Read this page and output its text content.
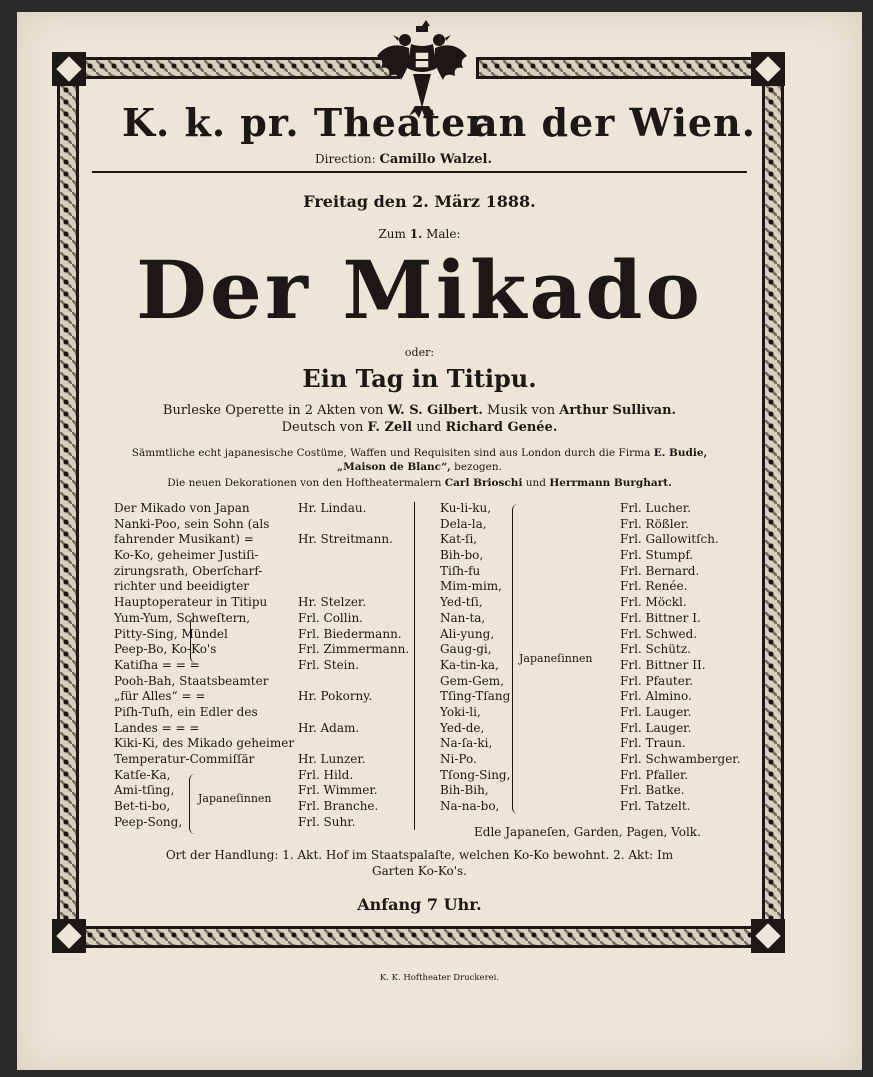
K. k. pr. Theater
an der Wien.
Direction: Camillo Walzel.
Freitag den 2. März 1888.
Zum 1. Male:
Der Mikado
oder:
Ein Tag in Titipu.
Burleske Operette in 2 Akten von W. S. Gilbert. Musik von Arthur Sullivan.
Deutsch von F. Zell und Richard Genée.
Sämmtliche echt japanesische Costüme, Waffen und Requisiten sind aus London durch die Firma E. Budie,
„Maison de Blanc“, bezogen.
Die neuen Dekorationen von den Hoftheatermalern Carl Brioschi und Herrmann Burghart.
Der Mikado von Japan	Hr. Lindau.
Nanki-Poo, sein Sohn (als
fahrender Musikant) =	Hr. Streitmann.
Ko-Ko, geheimer Justiſi-
zirungsrath, Oberſcharf-
richter und beeidigter
Hauptoperateur in Titipu	Hr. Stelzer.
Yum-Yum, Schweſtern,	Frl. Collin.
Pitty-Sing, Mündel	Frl. Biedermann.
Peep-Bo, Ko-Ko's	Frl. Zimmermann.
Katiſha = = =	Frl. Stein.
Pooh-Bah, Staatsbeamter
„für Alles“ = =	Hr. Pokorny.
Piſh-Tuſh, ein Edler des
Landes = = =	Hr. Adam.
Kiki-Ki, des Mikado geheimer
Temperatur-Commiſſär	Hr. Lunzer.
Katſe-Ka,	Frl. Hild.
Ami-tſing,	Frl. Wimmer.
Bet-ti-bo,	Frl. Branche.
Peep-Song,	Frl. Suhr.
Ku-li-ku,	Frl. Lucher.
Dela-la,	Frl. Rößler.
Kat-ſi,	Frl. Gallowitſch.
Bih-bo,	Frl. Stumpf.
Tiſh-fu	Frl. Bernard.
Mim-mim,	Frl. Renée.
Yed-tſi,	Frl. Möckl.
Nan-ta,	Frl. Bittner I.
Ali-yung,	Frl. Schwed.
Gaug-gi,	Frl. Schütz.
Ka-tin-ka,	Frl. Bittner II.
Gem-Gem,	Frl. Pfauter.
Tſing-Tſang	Frl. Almino.
Yoki-li,	Frl. Lauger.
Yed-de,	Frl. Lauger.
Na-ſa-ki,	Frl. Traun.
Ni-Po.	Frl. Schwamberger.
Tſong-Sing,	Frl. Pfaller.
Bih-Bih,	Frl. Batke.
Na-na-bo,	Frl. Tatzelt.
Japaneſinnen
Japaneſinnen
Edle Japaneſen, Garden, Pagen, Volk.
Ort der Handlung: 1. Akt. Hof im Staatspalaſte, welchen Ko-Ko bewohnt. 2. Akt: Im
Garten Ko-Ko's.
Anfang 7 Uhr.
K. K. Hoftheater Druckerei.
